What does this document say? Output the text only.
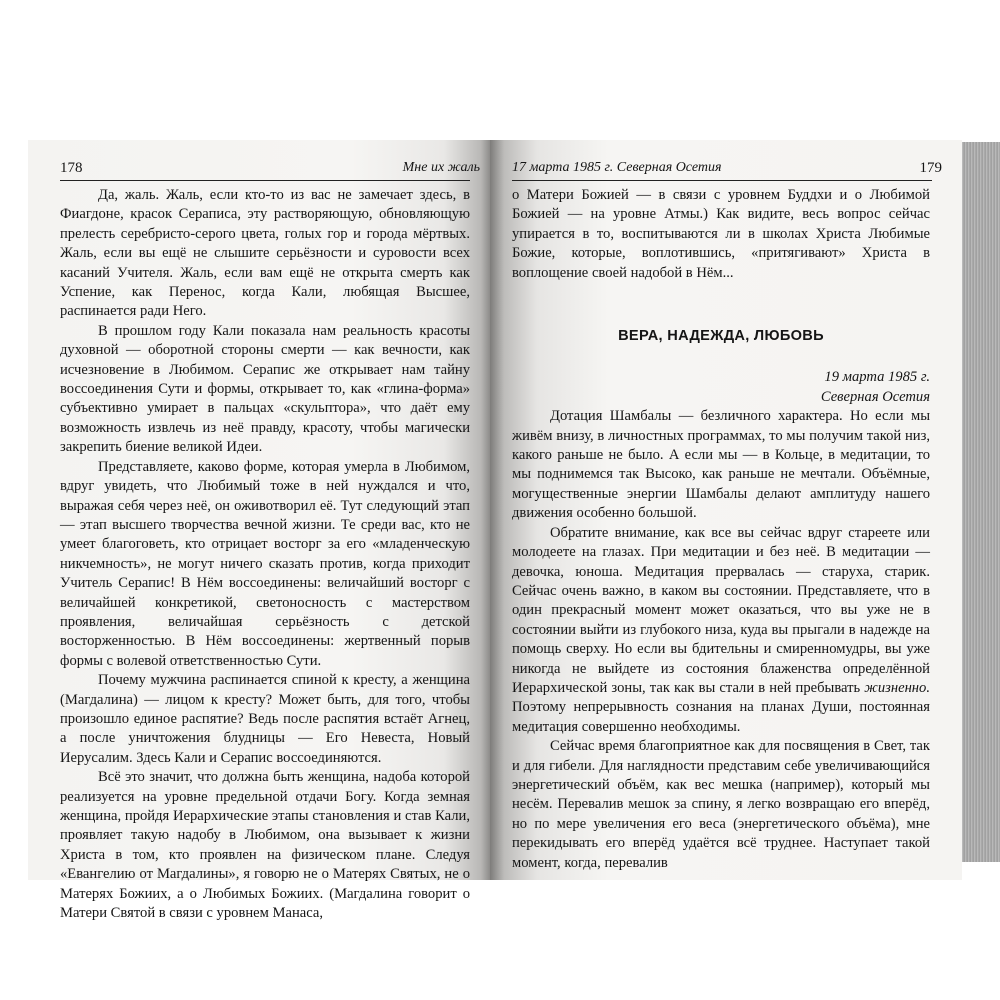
178	Мне их жаль 17 марта 1985 г. Северная Осетия	179

Да, жаль. Жаль, если кто-то из вас не замечает здесь, в Фиагдоне, красок Сераписа, эту растворяющую, обновляющую прелесть серебристо-серого цвета, голых гор и города мёртвых. Жаль, если вы ещё не слышите серьёзности и суровости всех касаний Учителя. Жаль, если вам ещё не открыта смерть как Успение, как Перенос, когда Кали, любящая Высшее, распинается ради Него.

В прошлом году Кали показала нам реальность красоты духовной — оборотной стороны смерти — как вечности, как исчезновение в Любимом. Серапис же открывает нам тайну воссоединения Сути и формы, открывает то, как «глина-форма» субъективно умирает в пальцах «скульптора», что даёт ему возможность извлечь из неё правду, красоту, чтобы магически закрепить биение великой Идеи.

Представляете, каково форме, которая умерла в Любимом, вдруг увидеть, что Любимый тоже в ней нуждался и что, выражая себя через неё, он оживотворил её. Тут следующий этап — этап высшего творчества вечной жизни. Те среди вас, кто не умеет благоговеть, кто отрицает восторг за его «младенческую никчемность», не могут ничего сказать против, когда приходит Учитель Серапис! В Нём воссоединены: величайший восторг с величайшей конкретикой, светоносность с мастерством проявления, величайшая серьёзность с детской восторженностью. В Нём воссоединены: жертвенный порыв формы с волевой ответственностью Сути.

Почему мужчина распинается спиной к кресту, а женщина (Магдалина) — лицом к кресту? Может быть, для того, чтобы произошло единое распятие? Ведь после распятия встаёт Агнец, а после уничтожения блудницы — Его Невеста, Новый Иерусалим. Здесь Кали и Серапис воссоединяются.

Всё это значит, что должна быть женщина, надоба которой реализуется на уровне предельной отдачи Богу. Когда земная женщина, пройдя Иерархические этапы становления и став Кали, проявляет такую надобу в Любимом, она вызывает к жизни Христа в том, кто проявлен на физическом плане. Следуя «Евангелию от Магдалины», я говорю не о Матерях Святых, не о Матерях Божиих, а о Любимых Божиих. (Магдалина говорит о Матери Святой в связи с уровнем Манаса,

о Матери Божией — в связи с уровнем Буддхи и о Любимой Божией — на уровне Атмы.) Как видите, весь вопрос сейчас упирается в то, воспитываются ли в школах Христа Любимые Божие, которые, воплотившись, «притягивают» Христа в воплощение своей надобой в Нём...

ВЕРА, НАДЕЖДА, ЛЮБОВЬ

19 марта 1985 г.

Северная Осетия

Дотация Шамбалы — безличного характера. Но если мы живём внизу, в личностных программах, то мы получим такой низ, какого раньше не было. А если мы — в Кольце, в медитации, то мы поднимемся так Высоко, как раньше не мечтали. Объёмные, могущественные энергии Шамбалы делают амплитуду нашего движения особенно большой.

Обратите внимание, как все вы сейчас вдруг стареете или молодеете на глазах. При медитации и без неё. В медитации — девочка, юноша. Медитация прервалась — старуха, старик. Сейчас очень важно, в каком вы состоянии. Представляете, что в один прекрасный момент может оказаться, что вы уже не в состоянии выйти из глубокого низа, куда вы прыгали в надежде на помощь сверху. Но если вы бдительны и смиренномудры, вы уже никогда не выйдете из состояния блаженства определённой Иерархической зоны, так как вы стали в ней пребывать жизненно. Поэтому непрерывность сознания на планах Души, постоянная медитация совершенно необходимы.

Сейчас время благоприятное как для посвящения в Свет, так и для гибели. Для наглядности представим себе увеличивающийся энергетический объём, как вес мешка (например), который мы несём. Перевалив мешок за спину, я легко возвращаю его вперёд, но по мере увеличения его веса (энергетического объёма), мне перекидывать его вперёд удаётся всё труднее. Наступает такой момент, когда, перевалив
